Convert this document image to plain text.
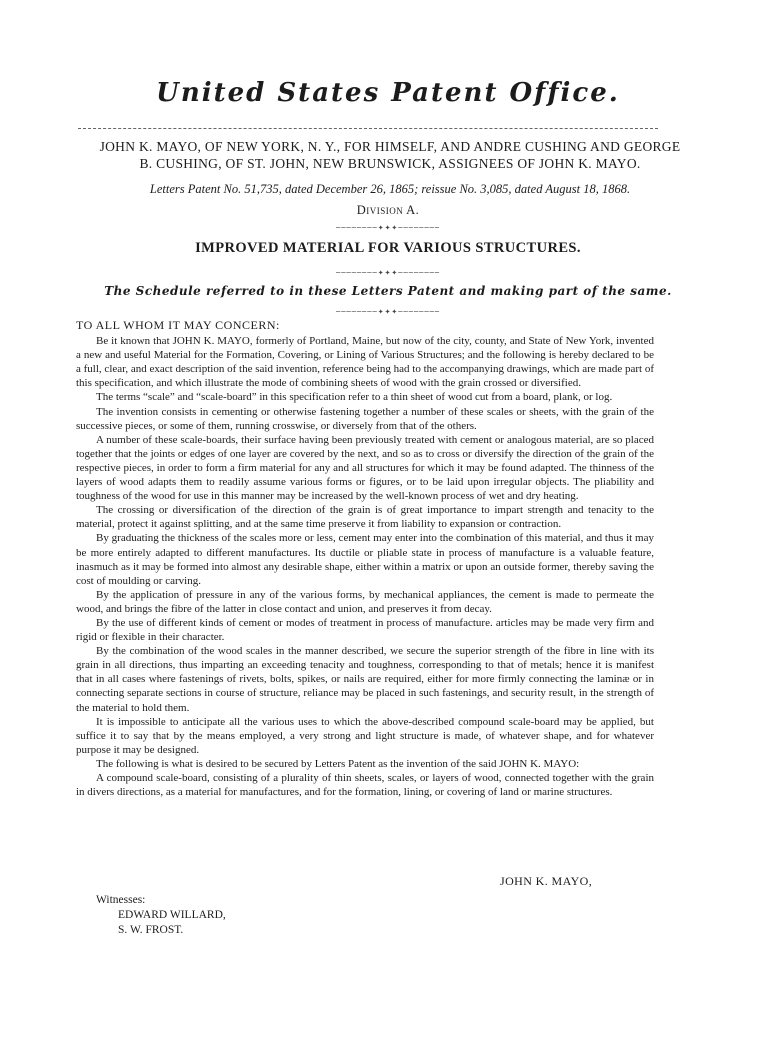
United States Patent Office.
JOHN K. MAYO, OF NEW YORK, N. Y., FOR HIMSELF, AND ANDRE CUSHING AND GEORGE
B. CUSHING, OF ST. JOHN, NEW BRUNSWICK, ASSIGNEES OF JOHN K. MAYO.
Letters Patent No. 51,735, dated December 26, 1865; reissue No. 3,085, dated August 18, 1868.
Division A.
────────✦✦✦────────
IMPROVED MATERIAL FOR VARIOUS STRUCTURES.
────────✦✦✦────────
The Schedule referred to in these Letters Patent and making part of the same.
────────✦✦✦────────
TO ALL WHOM IT MAY CONCERN:

Be it known that JOHN K. MAYO, formerly of Portland, Maine, but now of the city, county, and State of New York, invented a new and useful Material for the Formation, Covering, or Lining of Various Structures; and the following is hereby declared to be a full, clear, and exact description of the said invention, reference being had to the accompanying drawings, which are made part of this specification, and which illustrate the mode of combining sheets of wood with the grain crossed or diversified.

The terms “scale” and “scale-board” in this specification refer to a thin sheet of wood cut from a board, plank, or log.

The invention consists in cementing or otherwise fastening together a number of these scales or sheets, with the grain of the successive pieces, or some of them, running crosswise, or diversely from that of the others.

A number of these scale-boards, their surface having been previously treated with cement or analogous material, are so placed together that the joints or edges of one layer are covered by the next, and so as to cross or diversify the direction of the grain of the respective pieces, in order to form a firm material for any and all structures for which it may be found adapted. The thinness of the layers of wood adapts them to readily assume various forms or figures, or to be laid upon irregular objects. The pliability and toughness of the wood for use in this manner may be increased by the well-known process of wet and dry heating.

The crossing or diversification of the direction of the grain is of great importance to impart strength and tenacity to the material, protect it against splitting, and at the same time preserve it from liability to expansion or contraction.

By graduating the thickness of the scales more or less, cement may enter into the combination of this material, and thus it may be more entirely adapted to different manufactures. Its ductile or pliable state in process of manufacture is a valuable feature, inasmuch as it may be formed into almost any desirable shape, either within a matrix or upon an outside former, thereby saving the cost of moulding or carving.

By the application of pressure in any of the various forms, by mechanical appliances, the cement is made to permeate the wood, and brings the fibre of the latter in close contact and union, and preserves it from decay.

By the use of different kinds of cement or modes of treatment in process of manufacture. articles may be made very firm and rigid or flexible in their character.

By the combination of the wood scales in the manner described, we secure the superior strength of the fibre in line with its grain in all directions, thus imparting an exceeding tenacity and toughness, corresponding to that of metals; hence it is manifest that in all cases where fastenings of rivets, bolts, spikes, or nails are required, either for more firmly connecting the laminæ or in connecting separate sections in course of structure, reliance may be placed in such fastenings, and security result, in the strength of the material to hold them.

It is impossible to anticipate all the various uses to which the above-described compound scale-board may be applied, but suffice it to say that by the means employed, a very strong and light structure is made, of whatever shape, and for whatever purpose it may be designed.

The following is what is desired to be secured by Letters Patent as the invention of the said JOHN K. MAYO:

A compound scale-board, consisting of a plurality of thin sheets, scales, or layers of wood, connected together with the grain in divers directions, as a material for manufactures, and for the formation, lining, or covering of land or marine structures.

JOHN K. MAYO,
Witnesses:
EDWARD WILLARD,
S. W. FROST.
